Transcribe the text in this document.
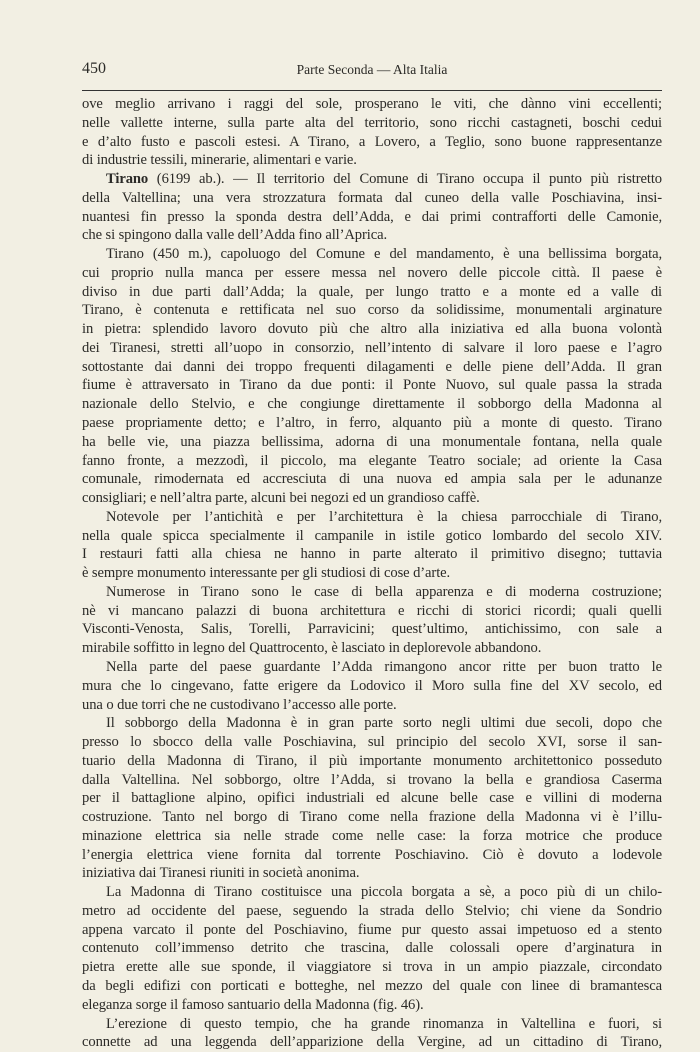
450	Parte Seconda — Alta Italia
ove meglio arrivano i raggi del sole, prosperano le viti, che dànno vini eccellenti;
nelle vallette interne, sulla parte alta del territorio, sono ricchi castagneti, boschi cedui
e d’alto fusto e pascoli estesi. A Tirano, a Lovero, a Teglio, sono buone rappresentanze
di industrie tessili, minerarie, alimentari e varie.
Tirano (6199 ab.). — Il territorio del Comune di Tirano occupa il punto più ristretto
della Valtellina; una vera strozzatura formata dal cuneo della valle Poschiavina, insi-
nuantesi fin presso la sponda destra dell’Adda, e dai primi contrafforti delle Camonie,
che si spingono dalla valle dell’Adda fino all’Aprica.
Tirano (450 m.), capoluogo del Comune e del mandamento, è una bellissima borgata,
cui proprio nulla manca per essere messa nel novero delle piccole città. Il paese è
diviso in due parti dall’Adda; la quale, per lungo tratto e a monte ed a valle di
Tirano, è contenuta e rettificata nel suo corso da solidissime, monumentali arginature
in pietra: splendido lavoro dovuto più che altro alla iniziativa ed alla buona volontà
dei Tiranesi, stretti all’uopo in consorzio, nell’intento di salvare il loro paese e l’agro
sottostante dai danni dei troppo frequenti dilagamenti e delle piene dell’Adda. Il gran
fiume è attraversato in Tirano da due ponti: il Ponte Nuovo, sul quale passa la strada
nazionale dello Stelvio, e che congiunge direttamente il sobborgo della Madonna al
paese propriamente detto; e l’altro, in ferro, alquanto più a monte di questo. Tirano
ha belle vie, una piazza bellissima, adorna di una monumentale fontana, nella quale
fanno fronte, a mezzodì, il piccolo, ma elegante Teatro sociale; ad oriente la Casa
comunale, rimodernata ed accresciuta di una nuova ed ampia sala per le adunanze
consigliari; e nell’altra parte, alcuni bei negozi ed un grandioso caffè.
Notevole per l’antichità e per l’architettura è la chiesa parrocchiale di Tirano,
nella quale spicca specialmente il campanile in istile gotico lombardo del secolo XIV.
I restauri fatti alla chiesa ne hanno in parte alterato il primitivo disegno; tuttavia
è sempre monumento interessante per gli studiosi di cose d’arte.
Numerose in Tirano sono le case di bella apparenza e di moderna costruzione;
nè vi mancano palazzi di buona architettura e ricchi di storici ricordi; quali quelli
Visconti-Venosta, Salis, Torelli, Parravicini; quest’ultimo, antichissimo, con sale a
mirabile soffitto in legno del Quattrocento, è lasciato in deplorevole abbandono.
Nella parte del paese guardante l’Adda rimangono ancor ritte per buon tratto le
mura che lo cingevano, fatte erigere da Lodovico il Moro sulla fine del XV secolo, ed
una o due torri che ne custodivano l’accesso alle porte.
Il sobborgo della Madonna è in gran parte sorto negli ultimi due secoli, dopo che
presso lo sbocco della valle Poschiavina, sul principio del secolo XVI, sorse il san-
tuario della Madonna di Tirano, il più importante monumento architettonico posseduto
dalla Valtellina. Nel sobborgo, oltre l’Adda, si trovano la bella e grandiosa Caserma
per il battaglione alpino, opifici industriali ed alcune belle case e villini di moderna
costruzione. Tanto nel borgo di Tirano come nella frazione della Madonna vi è l’illu-
minazione elettrica sia nelle strade come nelle case: la forza motrice che produce
l’energia elettrica viene fornita dal torrente Poschiavino. Ciò è dovuto a lodevole
iniziativa dai Tiranesi riuniti in società anonima.
La Madonna di Tirano costituisce una piccola borgata a sè, a poco più di un chilo-
metro ad occidente del paese, seguendo la strada dello Stelvio; chi viene da Sondrio
appena varcato il ponte del Poschiavino, fiume pur questo assai impetuoso ed a stento
contenuto coll’immenso detrito che trascina, dalle colossali opere d’arginatura in
pietra erette alle sue sponde, il viaggiatore si trova in un ampio piazzale, circondato
da begli edifizi con porticati e botteghe, nel mezzo del quale con linee di bramantesca
eleganza sorge il famoso santuario della Madonna (fig. 46).
L’erezione di questo tempio, che ha grande rinomanza in Valtellina e fuori, si
connette ad una leggenda dell’apparizione della Vergine, ad un cittadino di Tirano,
